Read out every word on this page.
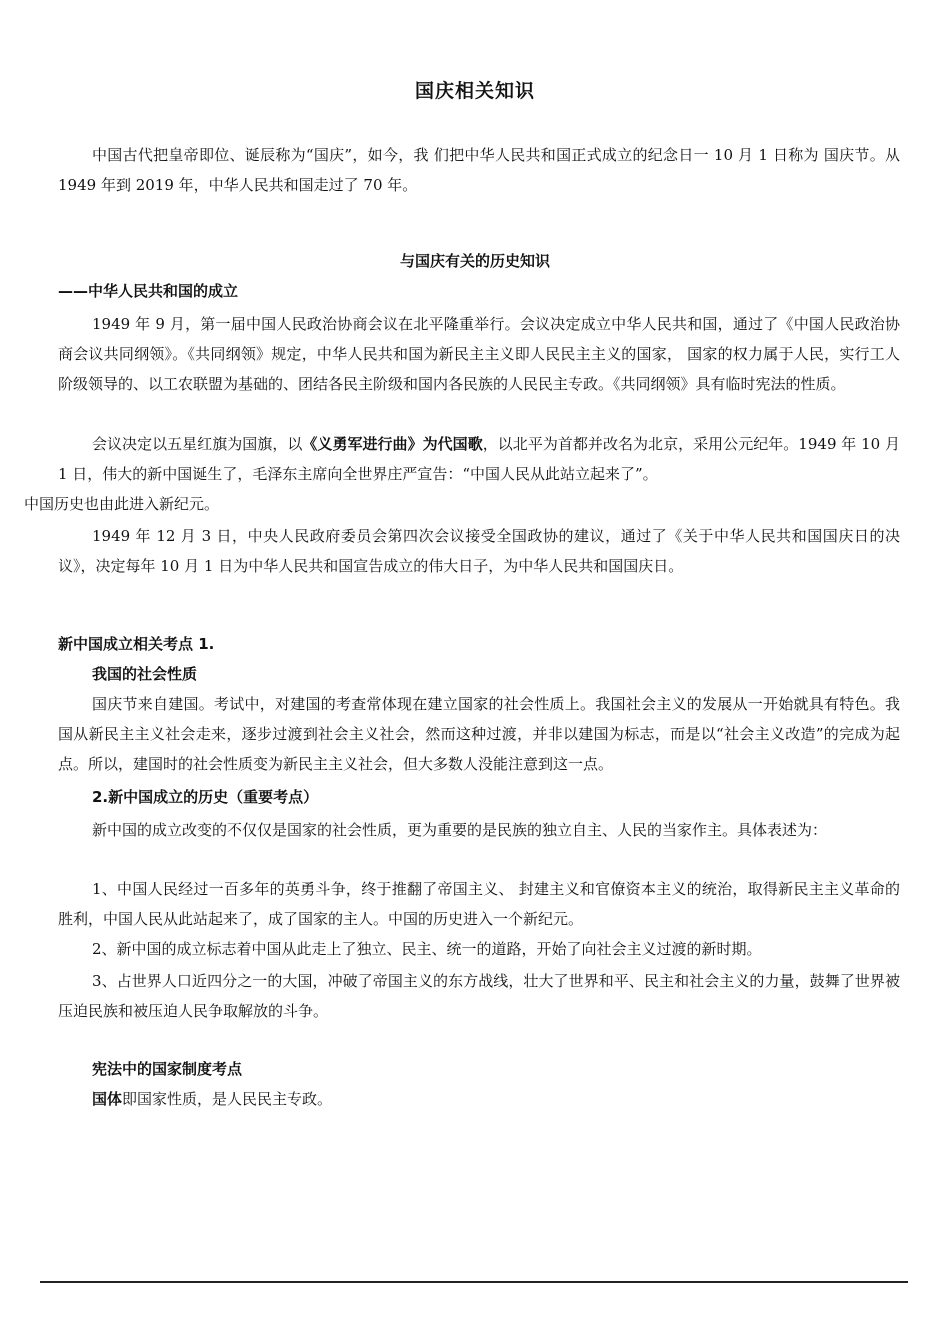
国庆相关知识

中国古代把皇帝即位、诞辰称为“国庆”，如今，我 们把中华人民共和国正式成立的纪念日一 10 月 1 日称为 国庆节。从 1949 年到 2019 年，中华人民共和国走过了 70 年。

与国庆有关的历史知识

——中华人民共和国的成立

1949 年 9 月，第一届中国人民政治协商会议在北平隆重举行。会议决定成立中华人民共和国，通过了《中国人民政治协商会议共同纲领》。《共同纲领》规定，中华人民共和国为新民主主义即人民民主主义的国家， 国家的权力属于人民，实行工人阶级领导的、以工农联盟为基础的、团结各民主阶级和国内各民族的人民民主专政。《共同纲领》具有临时宪法的性质。

会议决定以五星红旗为国旗，以《义勇军进行曲》为代国歌，以北平为首都并改名为北京，采用公元纪年。1949 年 10 月 1 日，伟大的新中国诞生了，毛泽东主席向全世界庄严宣告：“中国人民从此站立起来了”。
中国历史也由此进入新纪元。

1949 年 12 月 3 日，中央人民政府委员会第四次会议接受全国政协的建议，通过了《关于中华人民共和国国庆日的决议》，决定每年 10 月 1 日为中华人民共和国宣告成立的伟大日子，为中华人民共和国国庆日。

新中国成立相关考点 1.

我国的社会性质

国庆节来自建国。考试中，对建国的考查常体现在建立国家的社会性质上。我国社会主义的发展从一开始就具有特色。我国从新民主主义社会走来，逐步过渡到社会主义社会，然而这种过渡，并非以建国为标志，而是以“社会主义改造”的完成为起点。所以，建国时的社会性质变为新民主主义社会，但大多数人没能注意到这一点。

2.新中国成立的历史（重要考点）

新中国的成立改变的不仅仅是国家的社会性质，更为重要的是民族的独立自主、人民的当家作主。具体表述为：

1、中国人民经过一百多年的英勇斗争，终于推翻了帝国主义、 封建主义和官僚资本主义的统治，取得新民主主义革命的胜利，中国人民从此站起来了，成了国家的主人。中国的历史进入一个新纪元。

2、新中国的成立标志着中国从此走上了独立、民主、统一的道路，开始了向社会主义过渡的新时期。

3、占世界人口近四分之一的大国，冲破了帝国主义的东方战线，壮大了世界和平、民主和社会主义的力量，鼓舞了世界被压迫民族和被压迫人民争取解放的斗争。

宪法中的国家制度考点

国体即国家性质，是人民民主专政。
